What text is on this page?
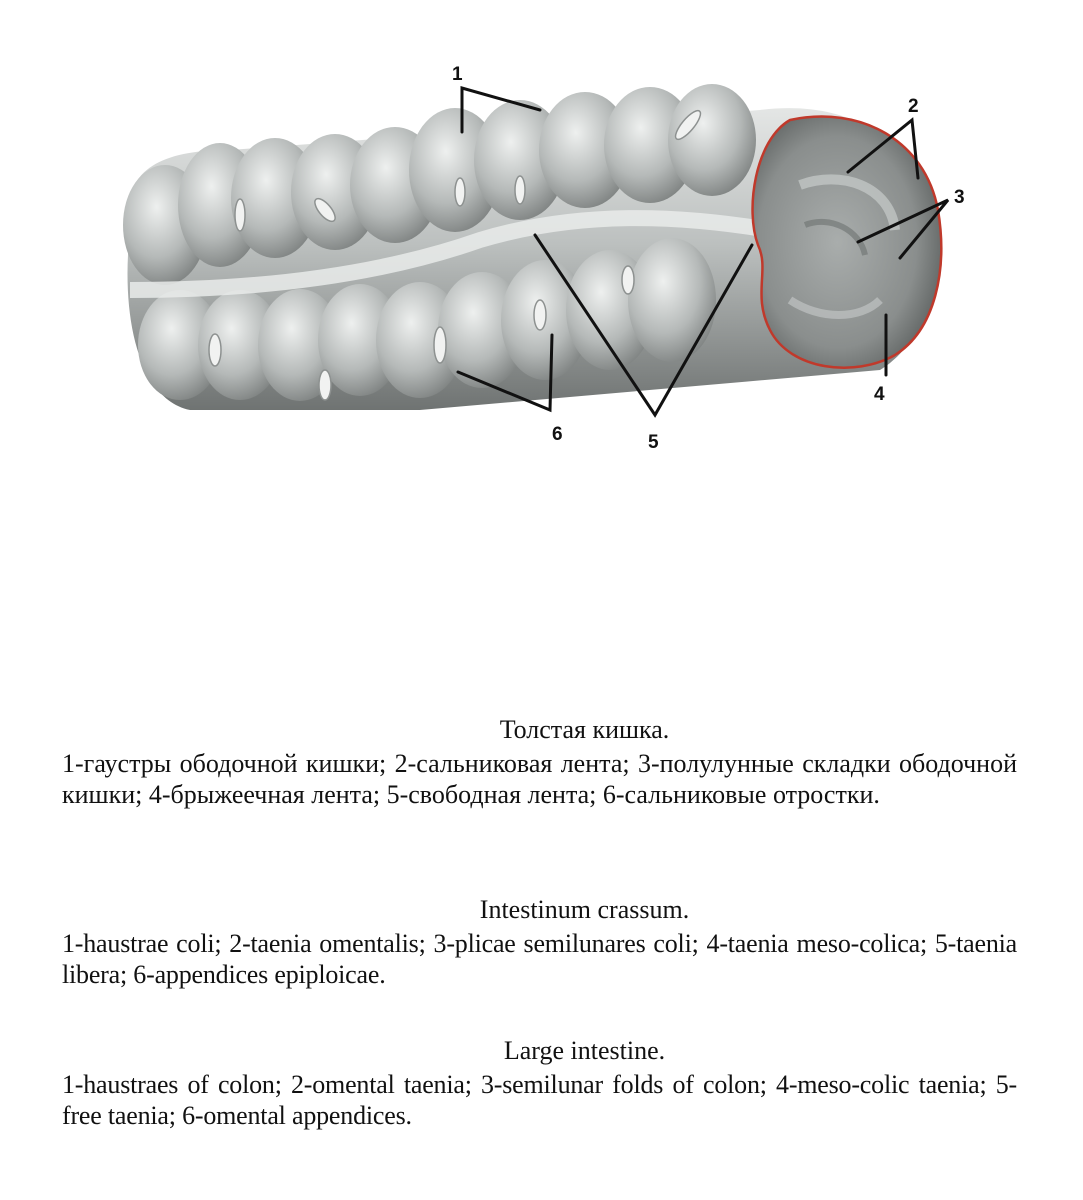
1
2
3
4
5
6

Толстая кишка.

1-гаустры ободочной кишки; 2-сальниковая лента; 3-полулунные складки ободочной кишки; 4-брыжеечная лента; 5-свободная лента; 6-сальниковые отростки.

Intestinum crassum.

1-haustrae coli; 2-taenia omentalis; 3-plicae semilunares coli; 4-taenia meso-colica; 5-taenia libera; 6-appendices epiploicae.

Large intestine.

1-haustraes of colon; 2-omental taenia; 3-semilunar folds of colon; 4-meso-colic taenia; 5-free taenia; 6-omental appendices.
